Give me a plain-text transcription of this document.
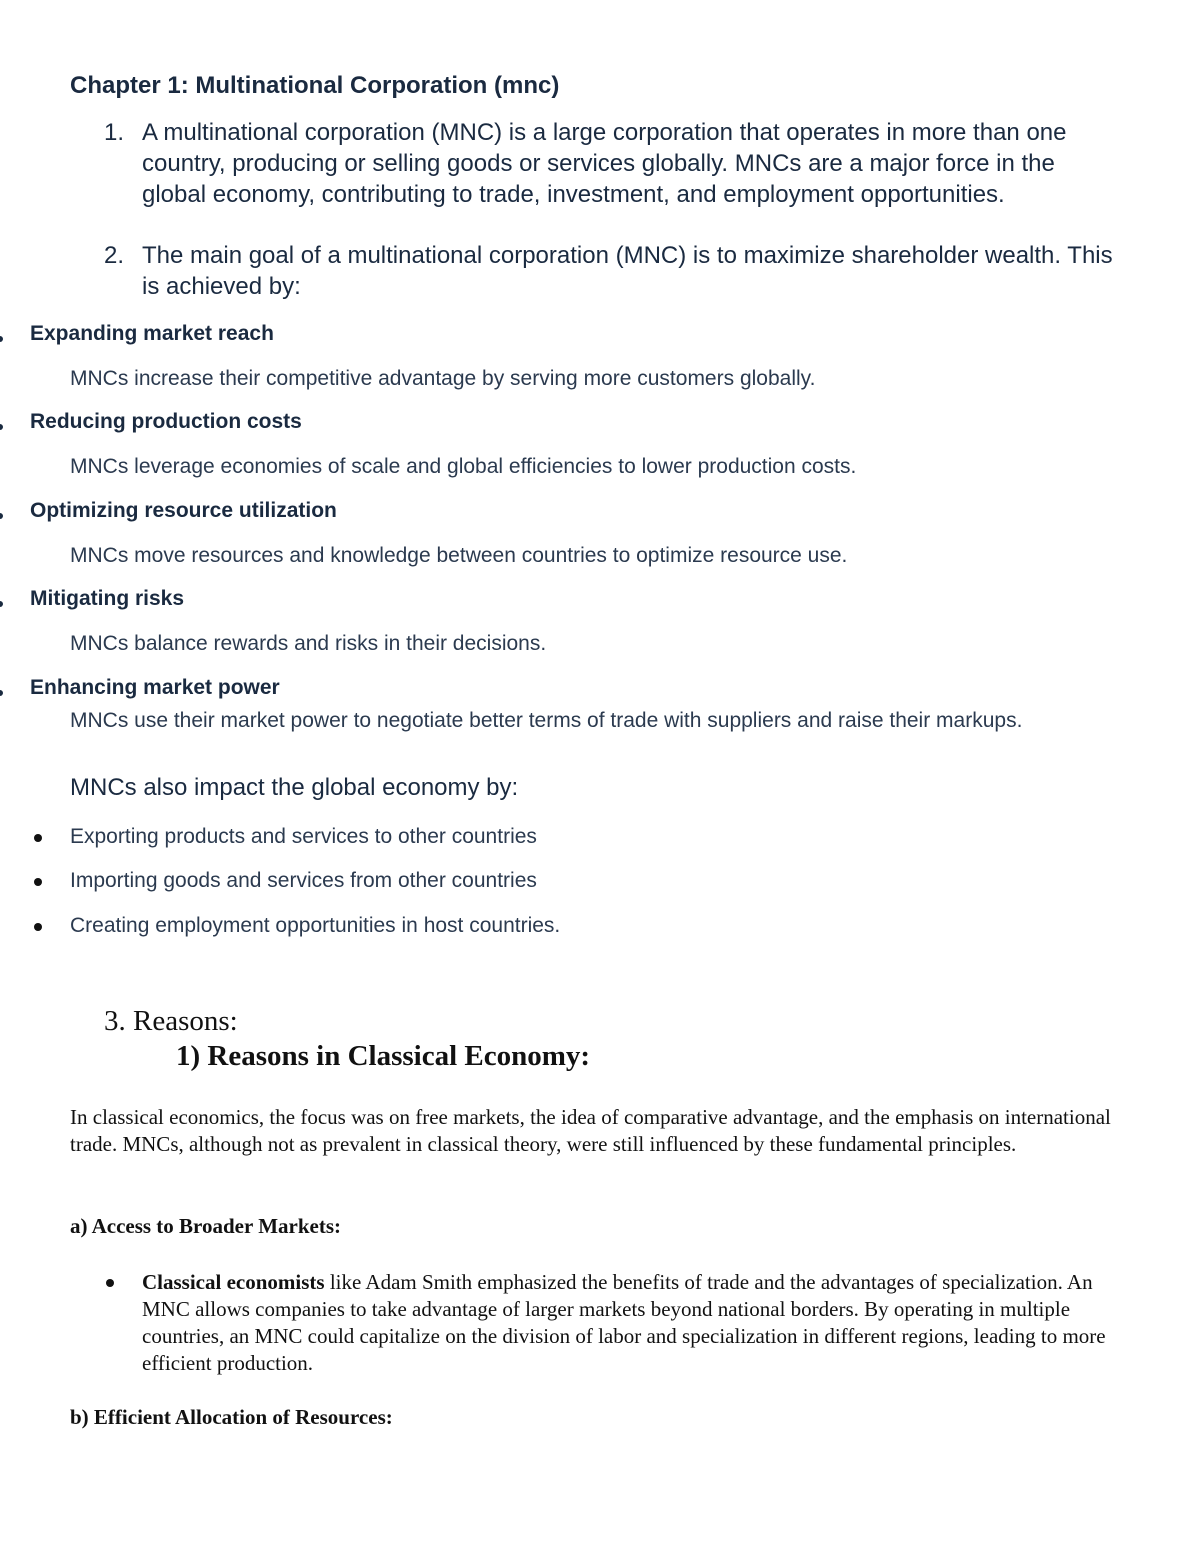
Chapter 1: Multinational Corporation (mnc)
1. A multinational corporation (MNC) is a large corporation that operates in more than one country, producing or selling goods or services globally. MNCs are a major force in the global economy, contributing to trade, investment, and employment opportunities.
2. The main goal of a multinational corporation (MNC) is to maximize shareholder wealth. This is achieved by:
Expanding market reach
MNCs increase their competitive advantage by serving more customers globally.
Reducing production costs
MNCs leverage economies of scale and global efficiencies to lower production costs.
Optimizing resource utilization
MNCs move resources and knowledge between countries to optimize resource use.
Mitigating risks
MNCs balance rewards and risks in their decisions.
Enhancing market power
MNCs use their market power to negotiate better terms of trade with suppliers and raise their markups.
MNCs also impact the global economy by:
Exporting products and services to other countries
Importing goods and services from other countries
Creating employment opportunities in host countries.
3. Reasons:
1) Reasons in Classical Economy:
In classical economics, the focus was on free markets, the idea of comparative advantage, and the emphasis on international trade. MNCs, although not as prevalent in classical theory, were still influenced by these fundamental principles.
a) Access to Broader Markets:
Classical economists like Adam Smith emphasized the benefits of trade and the advantages of specialization. An MNC allows companies to take advantage of larger markets beyond national borders. By operating in multiple countries, an MNC could capitalize on the division of labor and specialization in different regions, leading to more efficient production.
b) Efficient Allocation of Resources:
